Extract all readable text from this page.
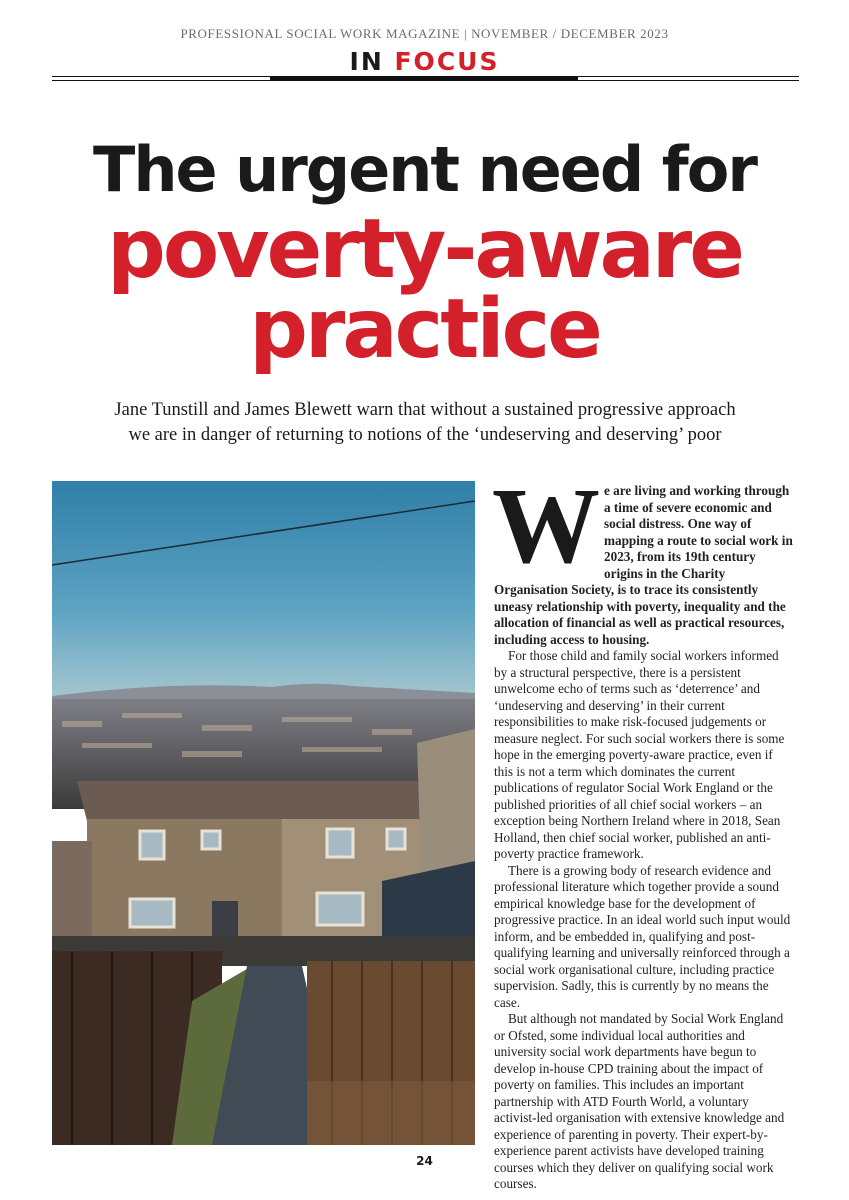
PROFESSIONAL SOCIAL WORK MAGAZINE | NOVEMBER / DECEMBER 2023
IN FOCUS
The urgent need for
poverty-aware
practice
Jane Tunstill and James Blewett warn that without a sustained progressive approach
we are in danger of returning to notions of the ‘undeserving and deserving’ poor

We are living and working through a time of severe economic and social distress. One way of mapping a route to social work in 2023, from its 19th century origins in the Charity Organisation Society, is to trace its consistently uneasy relationship with poverty, inequality and the allocation of financial as well as practical resources, including access to housing.

For those child and family social workers informed by a structural perspective, there is a persistent unwelcome echo of terms such as ‘deterrence’ and ‘undeserving and deserving’ in their current responsibilities to make risk-focused judgements or measure neglect. For such social workers there is some hope in the emerging poverty-aware practice, even if this is not a term which dominates the current publications of regulator Social Work England or the published priorities of all chief social workers – an exception being Northern Ireland where in 2018, Sean Holland, then chief social worker, published an anti-poverty practice framework.

There is a growing body of research evidence and professional literature which together provide a sound empirical knowledge base for the development of progressive practice. In an ideal world such input would inform, and be embedded in, qualifying and post-qualifying learning and universally reinforced through a social work organisational culture, including practice supervision. Sadly, this is currently by no means the case.

But although not mandated by Social Work England or Ofsted, some individual local authorities and university social work departments have begun to develop in-house CPD training about the impact of poverty on families. This includes an important partnership with ATD Fourth World, a voluntary activist-led organisation with extensive knowledge and experience of parenting in poverty. Their expert-by-experience parent activists have developed training courses which they deliver on qualifying social work courses.

24
